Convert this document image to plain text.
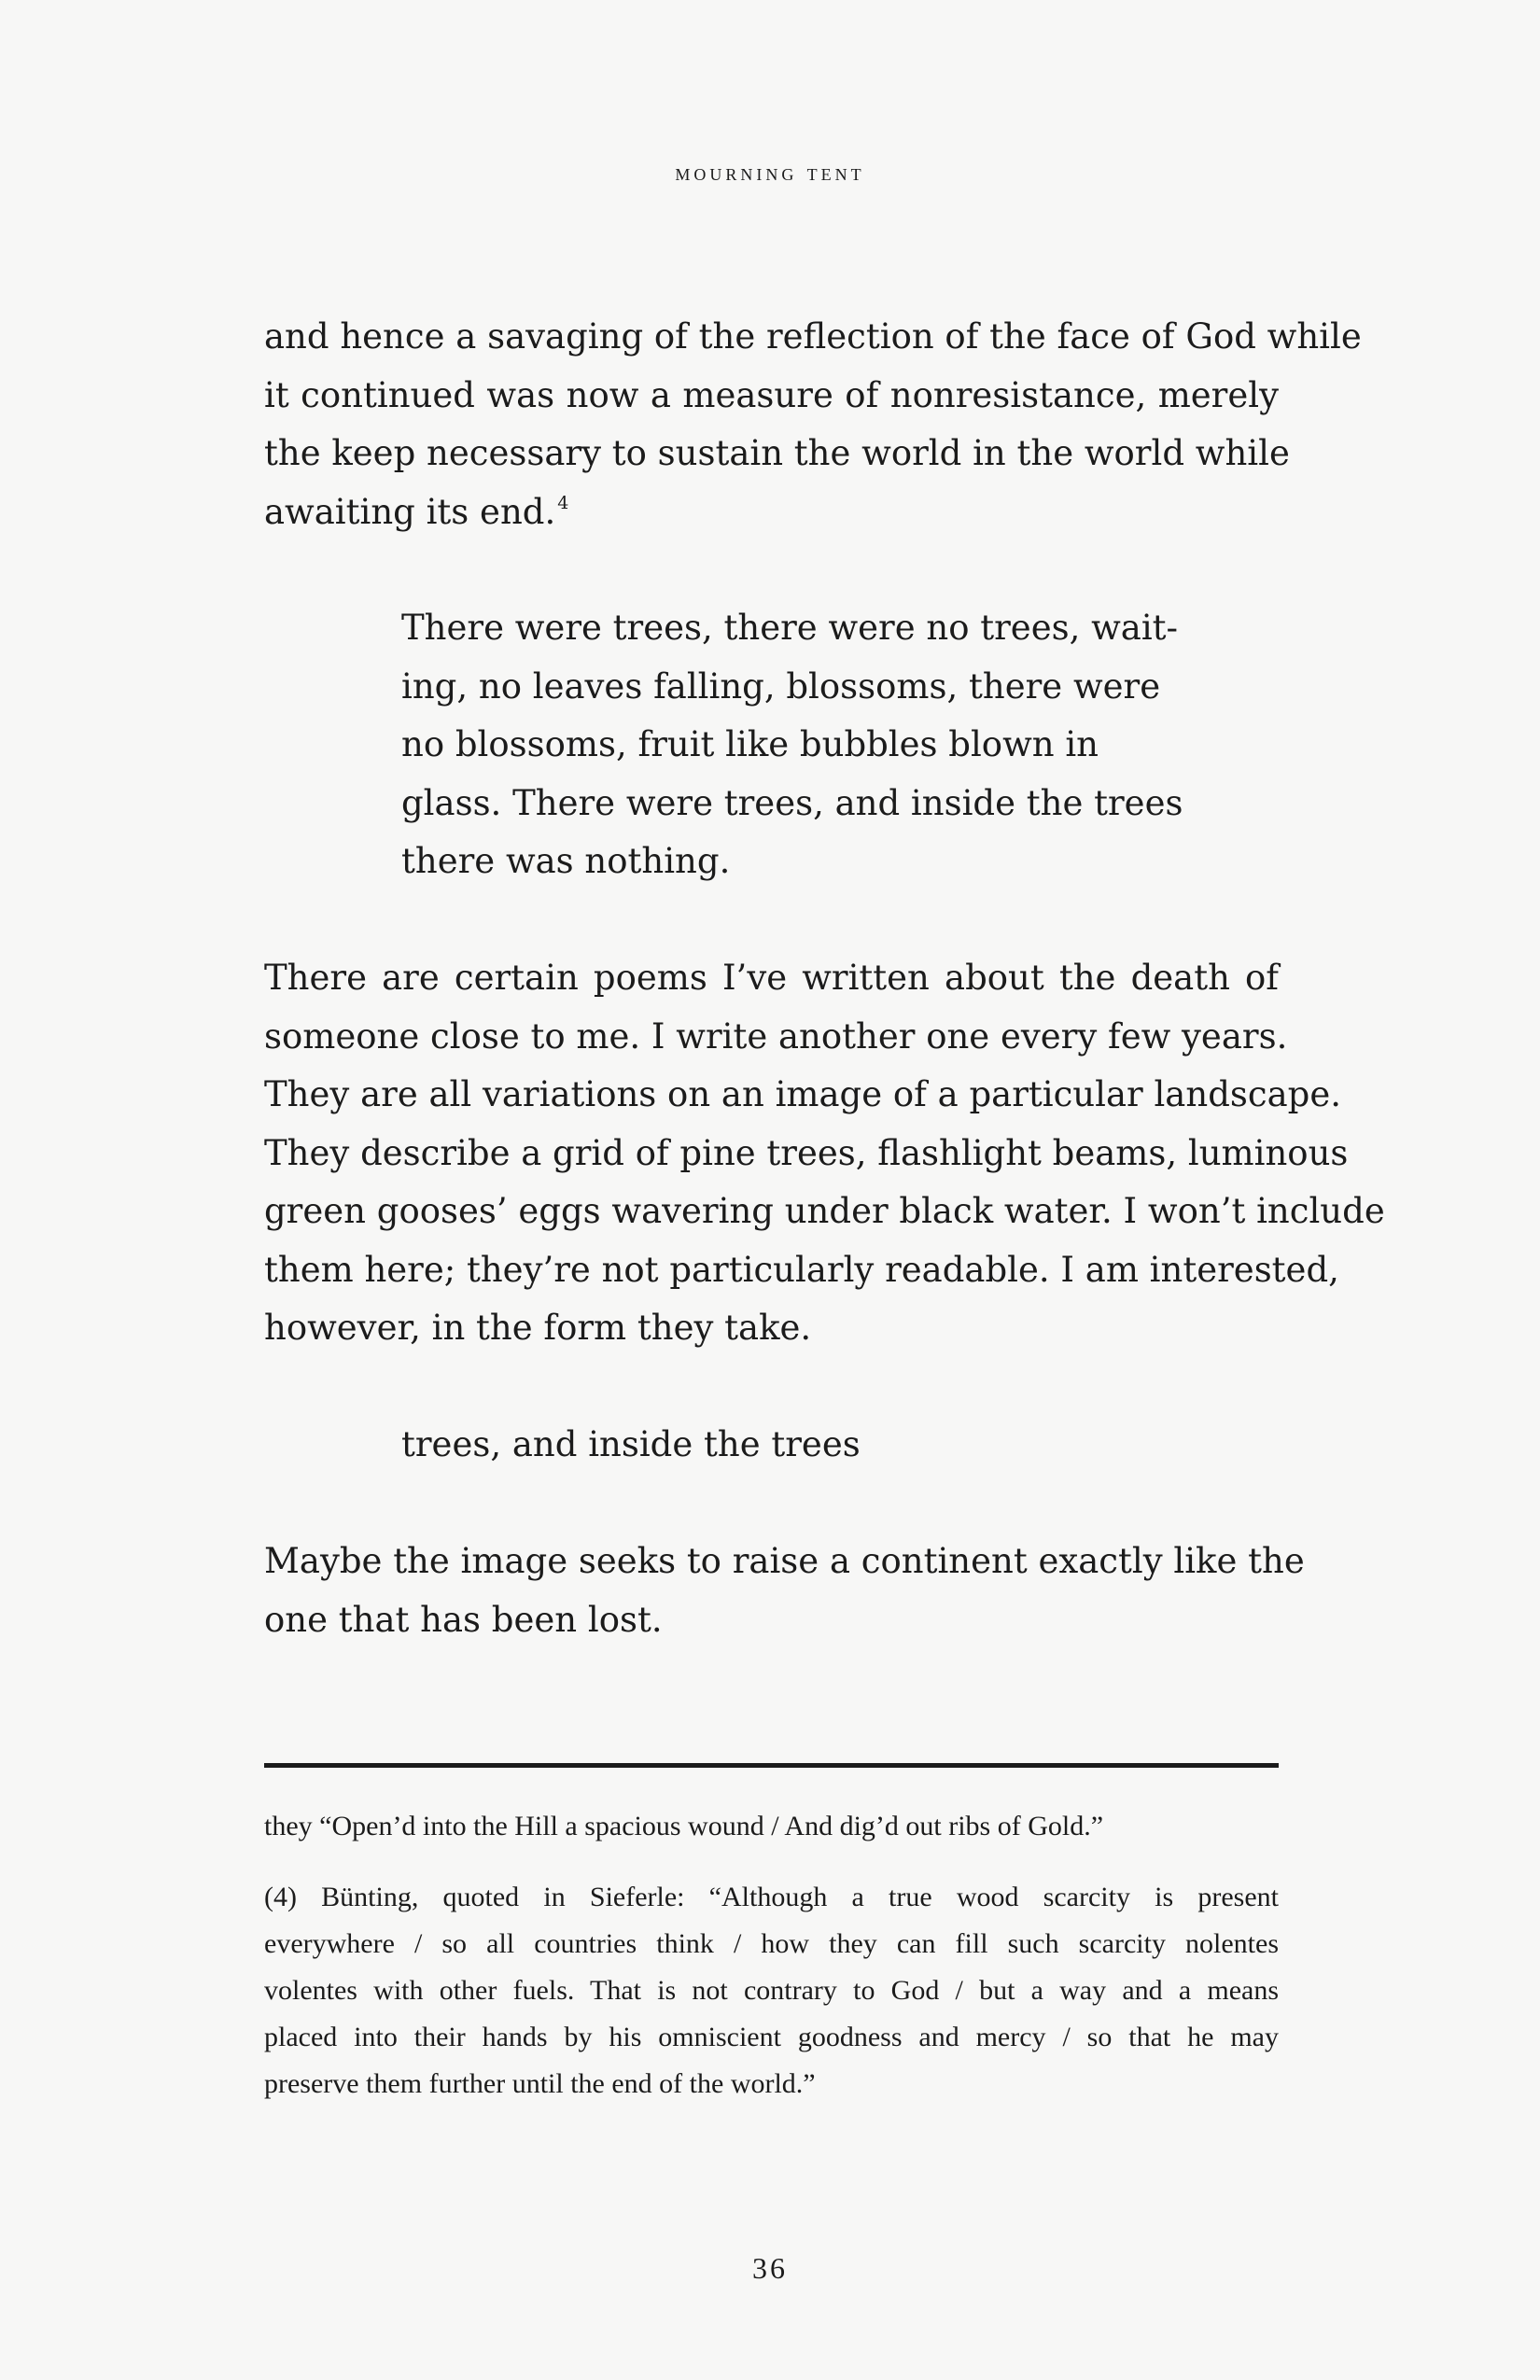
mourning tent
and hence a savaging of the reflection of the face of God while
it continued was now a measure of nonresistance, merely
the keep necessary to sustain the world in the world while
awaiting its end. $^4$
There were trees, there were no trees, wait-
ing, no leaves falling, blossoms, there were
no blossoms, fruit like bubbles blown in
glass. There were trees, and inside the trees
there was nothing.
There are certain poems I’ve written about the death of
someone close to me. I write another one every few years.
They are all variations on an image of a particular landscape.
They describe a grid of pine trees, flashlight beams, luminous
green gooses’ eggs wavering under black water. I won’t include
them here; they’re not particularly readable. I am interested,
however, in the form they take.
trees, and inside the trees
Maybe the image seeks to raise a continent exactly like the
one that has been lost.
they “Open’d into the Hill a spacious wound / And dig’d out ribs of Gold.”
(4) Bünting, quoted in Sieferle: “Although a true wood scarcity is present
everywhere / so all countries think / how they can fill such scarcity nolentes
volentes with other fuels. That is not contrary to God / but a way and a means
placed into their hands by his omniscient goodness and mercy / so that he may
preserve them further until the end of the world.”
36
